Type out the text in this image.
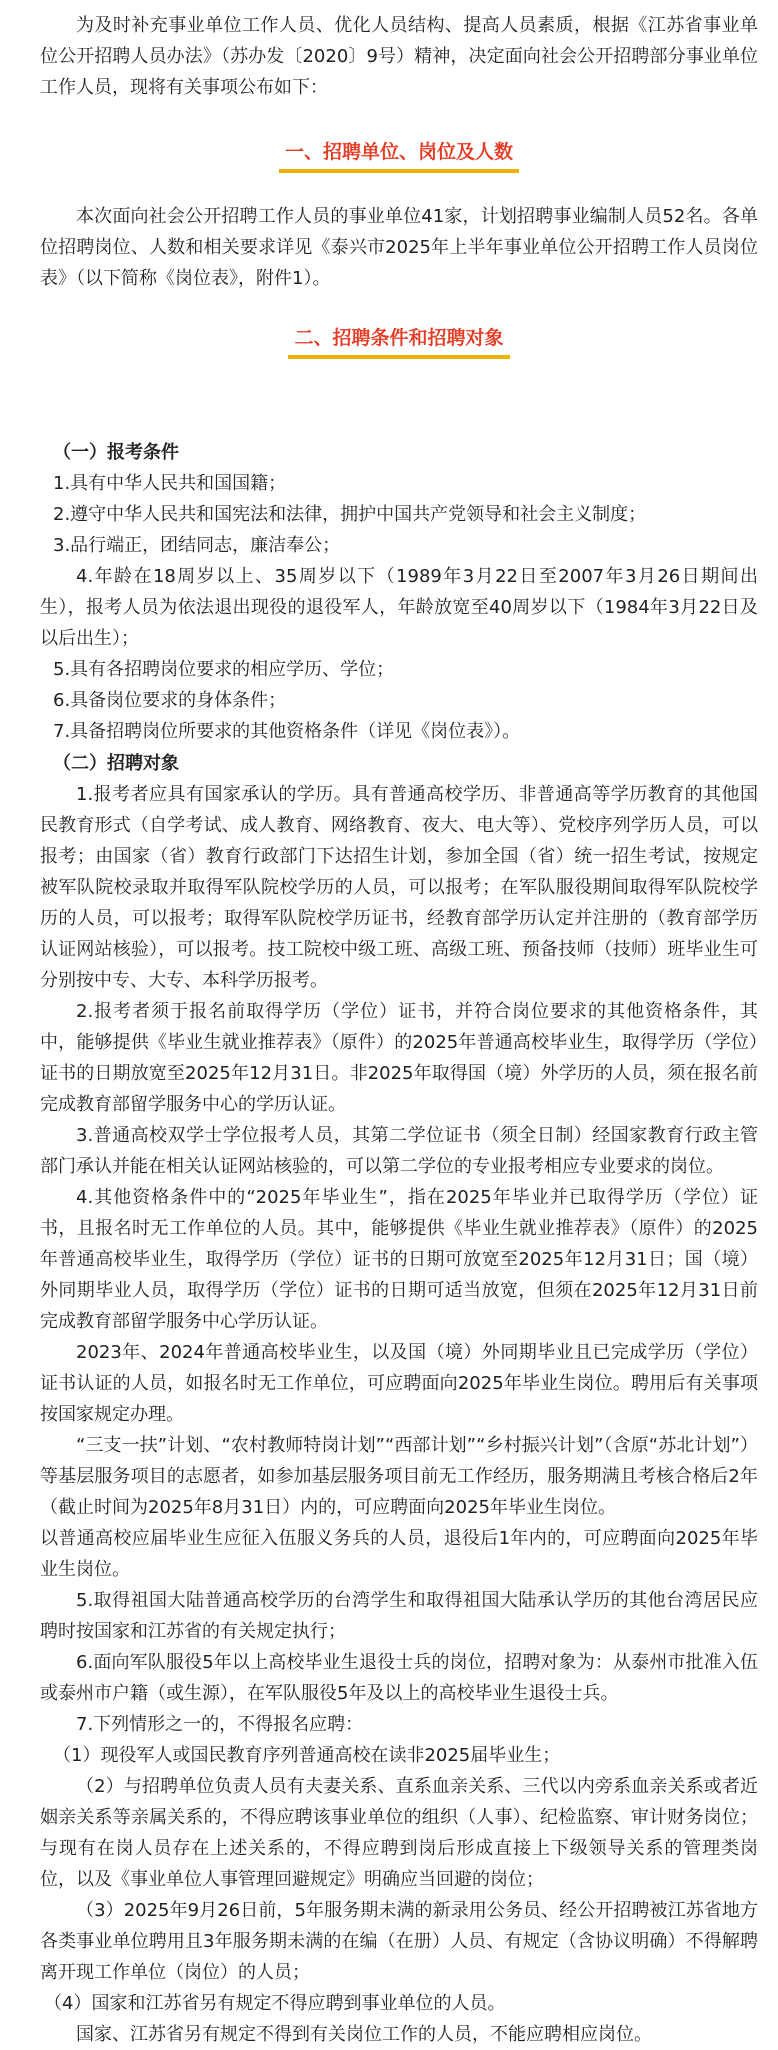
为及时补充事业单位工作人员、优化人员结构、提高人员素质，根据《江苏省事业单位公开招聘人员办法》（苏办发〔2020〕9号）精神，决定面向社会公开招聘部分事业单位工作人员，现将有关事项公布如下：

一、招聘单位、岗位及人数

本次面向社会公开招聘工作人员的事业单位41家，计划招聘事业编制人员52名。各单位招聘岗位、人数和相关要求详见《泰兴市2025年上半年事业单位公开招聘工作人员岗位表》（以下简称《岗位表》，附件1）。

二、招聘条件和招聘对象

（一）报考条件

1.具有中华人民共和国国籍；

2.遵守中华人民共和国宪法和法律，拥护中国共产党领导和社会主义制度；

3.品行端正，团结同志，廉洁奉公；

4.年龄在18周岁以上、35周岁以下（1989年3月22日至2007年3月26日期间出生），报考人员为依法退出现役的退役军人，年龄放宽至40周岁以下（1984年3月22日及以后出生）；

5.具有各招聘岗位要求的相应学历、学位；

6.具备岗位要求的身体条件；

7.具备招聘岗位所要求的其他资格条件（详见《岗位表》）。

（二）招聘对象

1.报考者应具有国家承认的学历。具有普通高校学历、非普通高等学历教育的其他国民教育形式（自学考试、成人教育、网络教育、夜大、电大等）、党校序列学历人员，可以报考；由国家（省）教育行政部门下达招生计划，参加全国（省）统一招生考试，按规定被军队院校录取并取得军队院校学历的人员，可以报考；在军队服役期间取得军队院校学历的人员，可以报考；取得军队院校学历证书，经教育部学历认定并注册的（教育部学历认证网站核验），可以报考。技工院校中级工班、高级工班、预备技师（技师）班毕业生可分别按中专、大专、本科学历报考。

2.报考者须于报名前取得学历（学位）证书，并符合岗位要求的其他资格条件，其中，能够提供《毕业生就业推荐表》（原件）的2025年普通高校毕业生，取得学历（学位）证书的日期放宽至2025年12月31日。非2025年取得国（境）外学历的人员，须在报名前完成教育部留学服务中心的学历认证。

3.普通高校双学士学位报考人员，其第二学位证书（须全日制）经国家教育行政主管部门承认并能在相关认证网站核验的，可以第二学位的专业报考相应专业要求的岗位。

4.其他资格条件中的“2025年毕业生”，指在2025年毕业并已取得学历（学位）证书，且报名时无工作单位的人员。其中，能够提供《毕业生就业推荐表》（原件）的2025年普通高校毕业生，取得学历（学位）证书的日期可放宽至2025年12月31日；国（境）外同期毕业人员，取得学历（学位）证书的日期可适当放宽，但须在2025年12月31日前完成教育部留学服务中心学历认证。

2023年、2024年普通高校毕业生，以及国（境）外同期毕业且已完成学历（学位）证书认证的人员，如报名时无工作单位，可应聘面向2025年毕业生岗位。聘用后有关事项按国家规定办理。

“三支一扶”计划、“农村教师特岗计划”“西部计划”“乡村振兴计划”（含原“苏北计划”）等基层服务项目的志愿者，如参加基层服务项目前无工作经历，服务期满且考核合格后2年（截止时间为2025年8月31日）内的，可应聘面向2025年毕业生岗位。

以普通高校应届毕业生应征入伍服义务兵的人员，退役后1年内的，可应聘面向2025年毕业生岗位。

5.取得祖国大陆普通高校学历的台湾学生和取得祖国大陆承认学历的其他台湾居民应聘时按国家和江苏省的有关规定执行；

6.面向军队服役5年以上高校毕业生退役士兵的岗位，招聘对象为：从泰州市批准入伍或泰州市户籍（或生源），在军队服役5年及以上的高校毕业生退役士兵。

7.下列情形之一的，不得报名应聘：

（1）现役军人或国民教育序列普通高校在读非2025届毕业生；

（2）与招聘单位负责人员有夫妻关系、直系血亲关系、三代以内旁系血亲关系或者近姻亲关系等亲属关系的，不得应聘该事业单位的组织（人事）、纪检监察、审计财务岗位；与现有在岗人员存在上述关系的，不得应聘到岗后形成直接上下级领导关系的管理类岗位，以及《事业单位人事管理回避规定》明确应当回避的岗位；

（3）2025年9月26日前，5年服务期未满的新录用公务员、经公开招聘被江苏省地方各类事业单位聘用且3年服务期未满的在编（在册）人员、有规定（含协议明确）不得解聘离开现工作单位（岗位）的人员；

（4）国家和江苏省另有规定不得应聘到事业单位的人员。

国家、江苏省另有规定不得到有关岗位工作的人员，不能应聘相应岗位。
